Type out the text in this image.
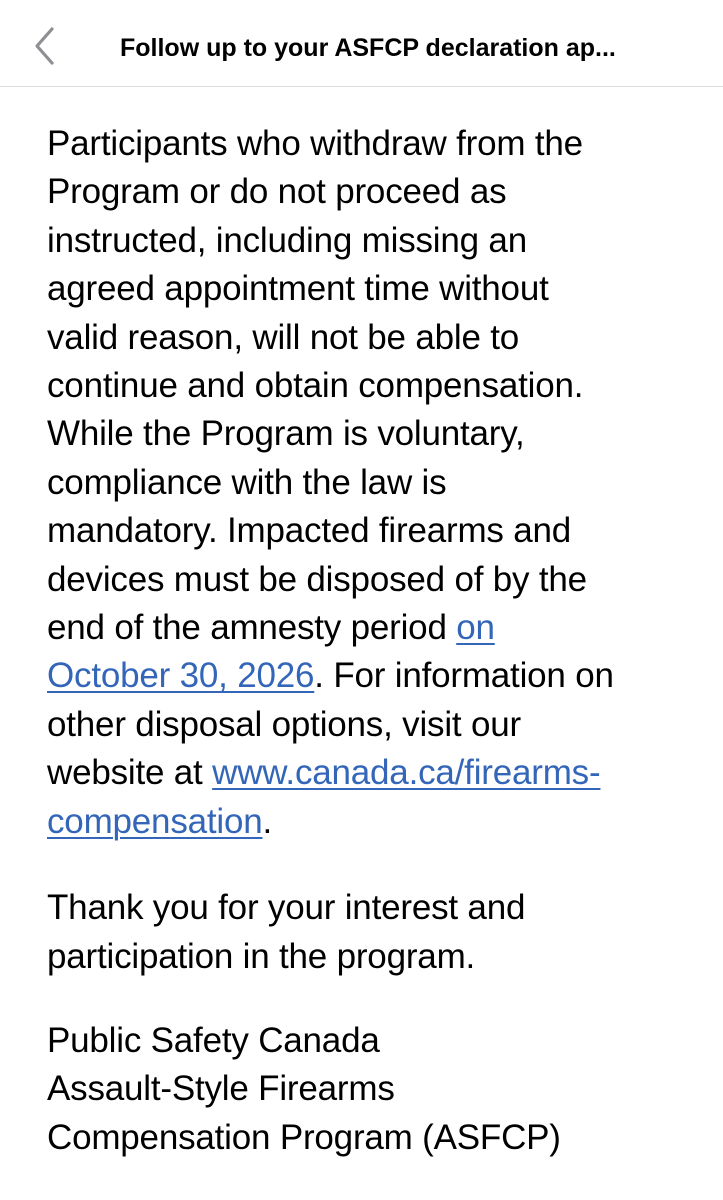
Follow up to your ASFCP declaration ap...

Participants who withdraw from the
Program or do not proceed as
instructed, including missing an
agreed appointment time without
valid reason, will not be able to
continue and obtain compensation.
While the Program is voluntary,
compliance with the law is
mandatory. Impacted firearms and
devices must be disposed of by the
end of the amnesty period on
October 30, 2026. For information on
other disposal options, visit our
website at www.canada.ca/firearms-
compensation.

Thank you for your interest and
participation in the program.

Public Safety Canada
Assault-Style Firearms
Compensation Program (ASFCP)
